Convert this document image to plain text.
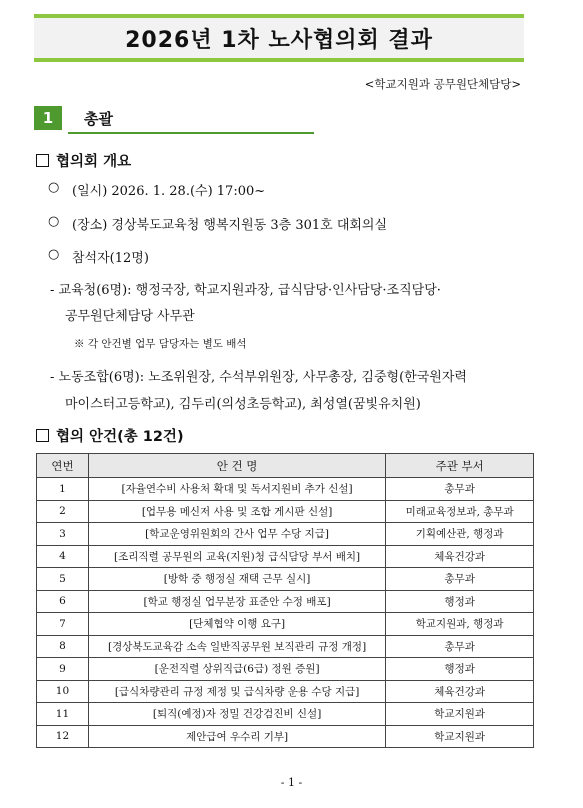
2026년 1차 노사협의회 결과
<학교지원과 공무원단체담당>
1	총괄
협의회 개요
○ (일시) 2026. 1. 28.(수) 17:00~
○ (장소) 경상북도교육청 행복지원동 3층 301호 대회의실
○ 참석자(12명)
- 교육청(6명): 행정국장, 학교지원과장, 급식담당·인사담당·조직담당·
공무원단체담당 사무관
※ 각 안건별 업무 담당자는 별도 배석
- 노동조합(6명): 노조위원장, 수석부위원장, 사무총장, 김중형(한국원자력
마이스터고등학교), 김두리(의성초등학교), 최성열(꿈빛유치원)
협의 안건(총 12건)
연번	안 건 명	주관 부서
1	[자율연수비 사용처 확대 및 독서지원비 추가 신설]	총무과
2	[업무용 메신저 사용 및 조합 게시판 신설]	미래교육정보과, 총무과
3	[학교운영위원회의 간사 업무 수당 지급]	기획예산관, 행정과
4	[조리직렬 공무원의 교육(지원)청 급식담당 부서 배치]	체육건강과
5	[방학 중 행정실 재택 근무 실시]	총무과
6	[학교 행정실 업무분장 표준안 수정 배포]	행정과
7	[단체협약 이행 요구]	학교지원과, 행정과
8	[경상북도교육감 소속 일반직공무원 보직관리 규정 개정]	총무과
9	[운전직렬 상위직급(6급) 정원 증원]	행정과
10	[급식차량관리 규정 제정 및 급식차량 운용 수당 지급]	체육건강과
11	[퇴직(예정)자 정밀 건강검진비 신설]	학교지원과
12	제안급여 우수리 기부]	학교지원과
- 1 -
